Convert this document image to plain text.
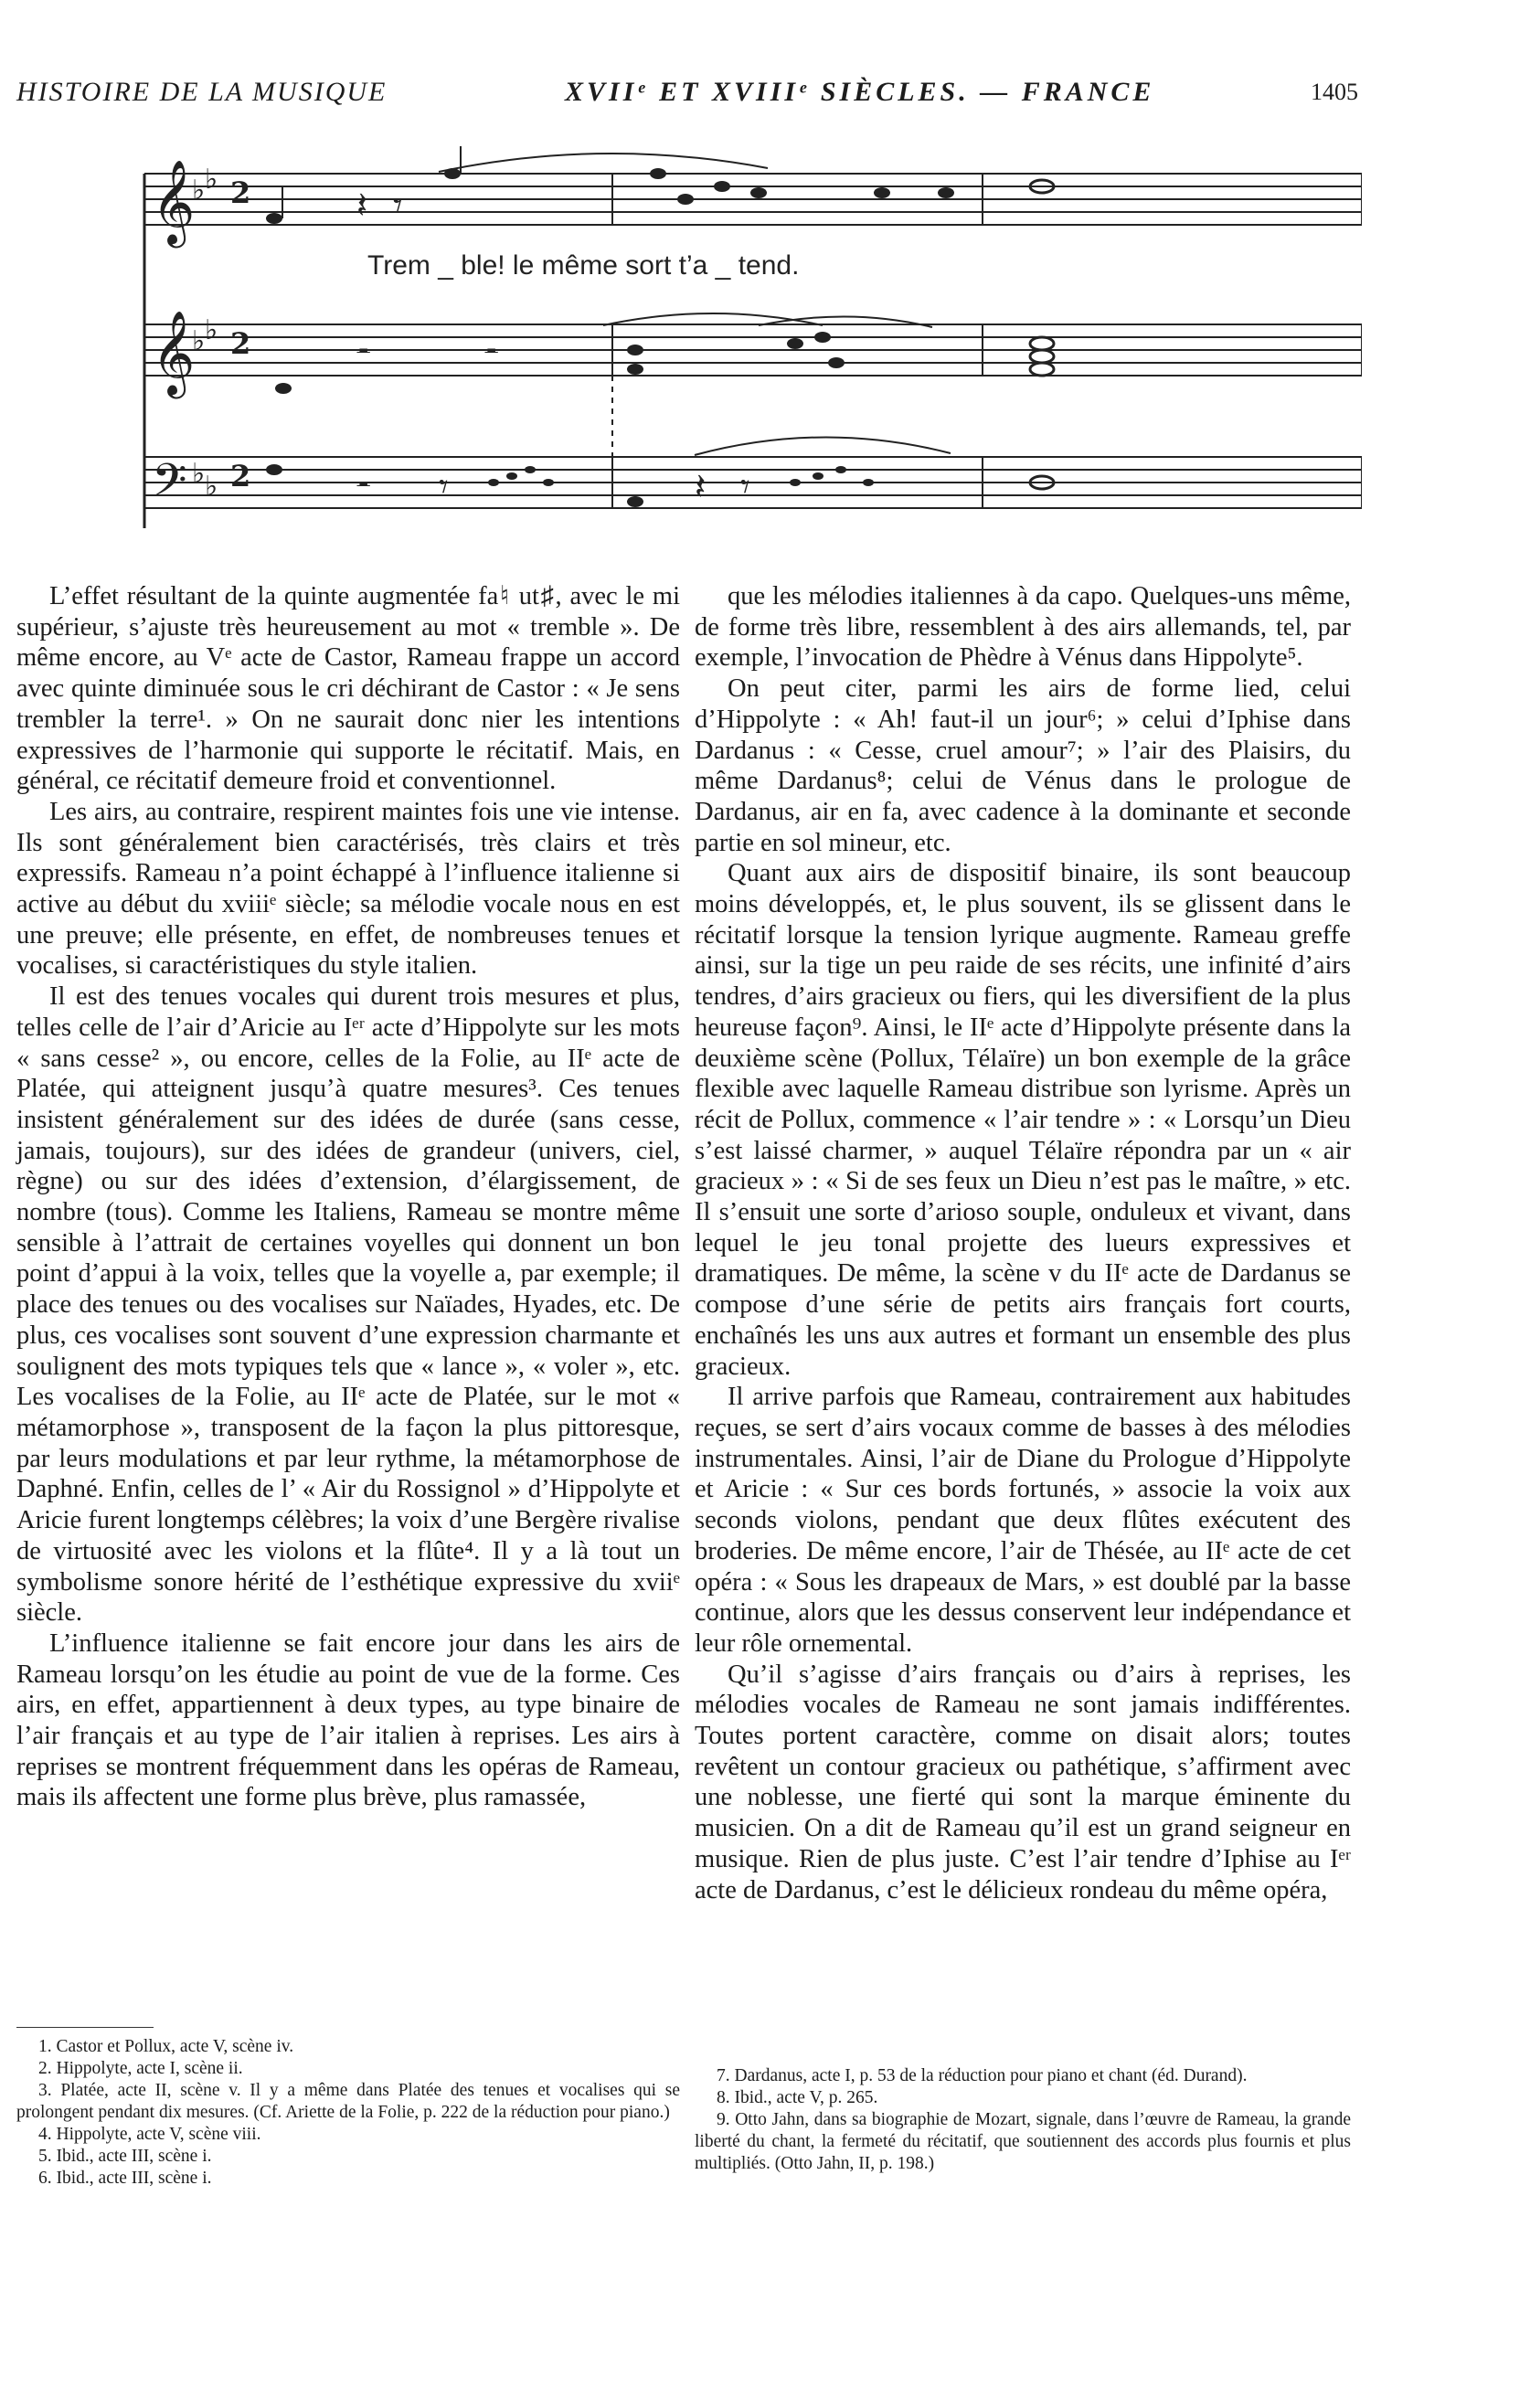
HISTOIRE DE LA MUSIQUE	XVIIᵉ ET XVIIIᵉ SIÈCLES. — FRANCE	1405
𝄞
𝄞
𝄢
♭ ♭
♭ ♭
♭ ♭
2
2
2
𝄽 𝄾
𝄼	𝄼
𝄼 𝄾	𝄽 𝄾
Trem _ ble! le même sort t’a _ tend.

L’effet résultant de la quinte augmentée fa♮ ut♯, avec le mi supérieur, s’ajuste très heureusement au mot « tremble ». De même encore, au Vᵉ acte de Castor, Rameau frappe un accord avec quinte diminuée sous le cri déchirant de Castor : « Je sens trembler la terre¹. » On ne saurait donc nier les intentions expressives de l’harmonie qui supporte le récitatif. Mais, en général, ce récitatif demeure froid et conventionnel.

Les airs, au contraire, respirent maintes fois une vie intense. Ils sont généralement bien caractérisés, très clairs et très expressifs. Rameau n’a point échappé à l’influence italienne si active au début du xviiiᵉ siècle; sa mélodie vocale nous en est une preuve; elle présente, en effet, de nombreuses tenues et vocalises, si caractéristiques du style italien.

Il est des tenues vocales qui durent trois mesures et plus, telles celle de l’air d’Aricie au Iᵉʳ acte d’Hippolyte sur les mots « sans cesse² », ou encore, celles de la Folie, au IIᵉ acte de Platée, qui atteignent jusqu’à quatre mesures³. Ces tenues insistent généralement sur des idées de durée (sans cesse, jamais, toujours), sur des idées de grandeur (univers, ciel, règne) ou sur des idées d’extension, d’élargissement, de nombre (tous). Comme les Italiens, Rameau se montre même sensible à l’attrait de certaines voyelles qui donnent un bon point d’appui à la voix, telles que la voyelle a, par exemple; il place des tenues ou des vocalises sur Naïades, Hyades, etc. De plus, ces vocalises sont souvent d’une expression charmante et soulignent des mots typiques tels que « lance », « voler », etc. Les vocalises de la Folie, au IIᵉ acte de Platée, sur le mot « métamorphose », transposent de la façon la plus pittoresque, par leurs modulations et par leur rythme, la métamorphose de Daphné. Enfin, celles de l’ « Air du Rossignol » d’Hippolyte et Aricie furent longtemps célèbres; la voix d’une Bergère rivalise de virtuosité avec les violons et la flûte⁴. Il y a là tout un symbolisme sonore hérité de l’esthétique expressive du xviiᵉ siècle.

L’influence italienne se fait encore jour dans les airs de Rameau lorsqu’on les étudie au point de vue de la forme. Ces airs, en effet, appartiennent à deux types, au type binaire de l’air français et au type de l’air italien à reprises. Les airs à reprises se montrent fréquemment dans les opéras de Rameau, mais ils affectent une forme plus brève, plus ramassée,

que les mélodies italiennes à da capo. Quelques-uns même, de forme très libre, ressemblent à des airs allemands, tel, par exemple, l’invocation de Phèdre à Vénus dans Hippolyte⁵.

On peut citer, parmi les airs de forme lied, celui d’Hippolyte : « Ah! faut-il un jour⁶; » celui d’Iphise dans Dardanus : « Cesse, cruel amour⁷; » l’air des Plaisirs, du même Dardanus⁸; celui de Vénus dans le prologue de Dardanus, air en fa, avec cadence à la dominante et seconde partie en sol mineur, etc.

Quant aux airs de dispositif binaire, ils sont beaucoup moins développés, et, le plus souvent, ils se glissent dans le récitatif lorsque la tension lyrique augmente. Rameau greffe ainsi, sur la tige un peu raide de ses récits, une infinité d’airs tendres, d’airs gracieux ou fiers, qui les diversifient de la plus heureuse façon⁹. Ainsi, le IIᵉ acte d’Hippolyte présente dans la deuxième scène (Pollux, Télaïre) un bon exemple de la grâce flexible avec laquelle Rameau distribue son lyrisme. Après un récit de Pollux, commence « l’air tendre » : « Lorsqu’un Dieu s’est laissé charmer, » auquel Télaïre répondra par un « air gracieux » : « Si de ses feux un Dieu n’est pas le maître, » etc. Il s’ensuit une sorte d’arioso souple, onduleux et vivant, dans lequel le jeu tonal projette des lueurs expressives et dramatiques. De même, la scène v du IIᵉ acte de Dardanus se compose d’une série de petits airs français fort courts, enchaînés les uns aux autres et formant un ensemble des plus gracieux.

Il arrive parfois que Rameau, contrairement aux habitudes reçues, se sert d’airs vocaux comme de basses à des mélodies instrumentales. Ainsi, l’air de Diane du Prologue d’Hippolyte et Aricie : « Sur ces bords fortunés, » associe la voix aux seconds violons, pendant que deux flûtes exécutent des broderies. De même encore, l’air de Thésée, au IIᵉ acte de cet opéra : « Sous les drapeaux de Mars, » est doublé par la basse continue, alors que les dessus conservent leur indépendance et leur rôle ornemental.

Qu’il s’agisse d’airs français ou d’airs à reprises, les mélodies vocales de Rameau ne sont jamais indifférentes. Toutes portent caractère, comme on disait alors; toutes revêtent un contour gracieux ou pathétique, s’affirment avec une noblesse, une fierté qui sont la marque éminente du musicien. On a dit de Rameau qu’il est un grand seigneur en musique. Rien de plus juste. C’est l’air tendre d’Iphise au Iᵉʳ acte de Dardanus, c’est le délicieux rondeau du même opéra,

1. Castor et Pollux, acte V, scène iv.

2. Hippolyte, acte I, scène ii.

3. Platée, acte II, scène v. Il y a même dans Platée des tenues et vocalises qui se prolongent pendant dix mesures. (Cf. Ariette de la Folie, p. 222 de la réduction pour piano.)

4. Hippolyte, acte V, scène viii.

5. Ibid., acte III, scène i.

6. Ibid., acte III, scène i.

7. Dardanus, acte I, p. 53 de la réduction pour piano et chant (éd. Durand).

8. Ibid., acte V, p. 265.

9. Otto Jahn, dans sa biographie de Mozart, signale, dans l’œuvre de Rameau, la grande liberté du chant, la fermeté du récitatif, que soutiennent des accords plus fournis et plus multipliés. (Otto Jahn, II, p. 198.)
